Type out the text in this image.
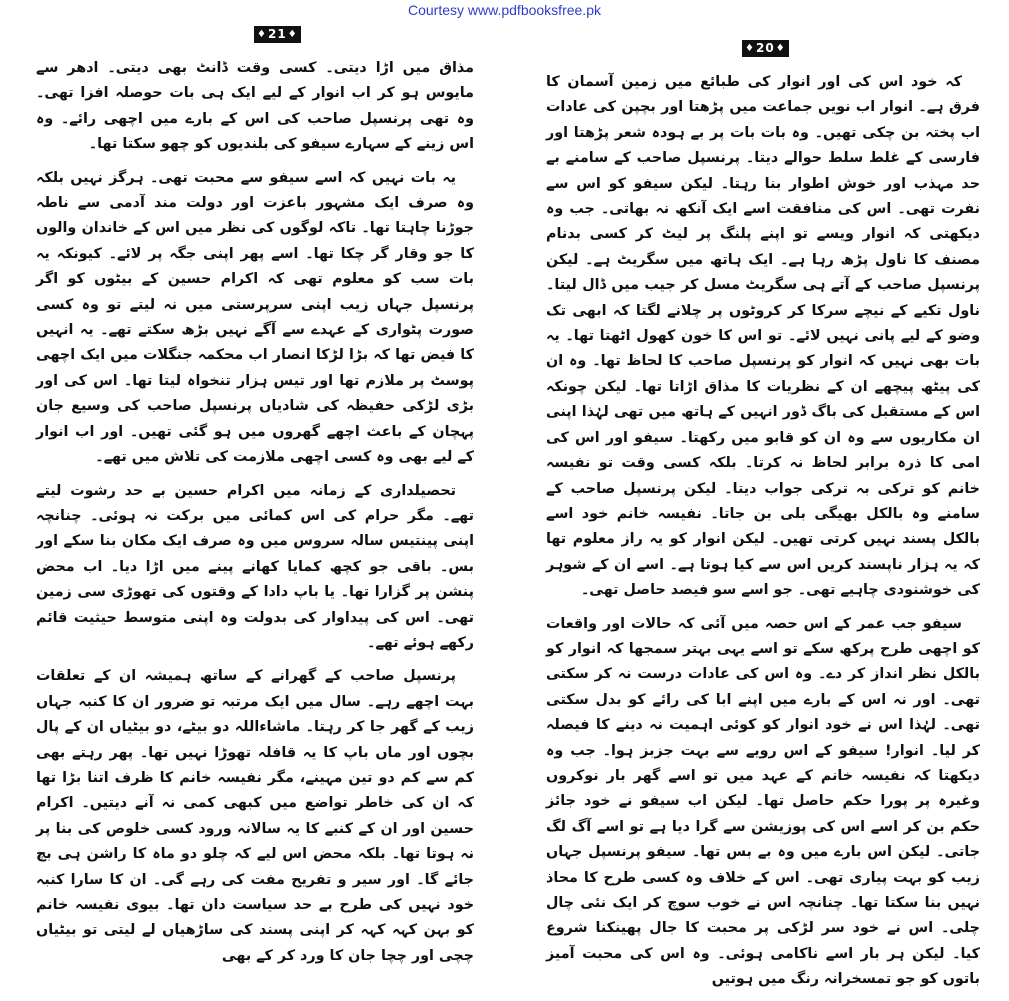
Courtesy www.pdfbooksfree.pk
♦ 21 ♦

مذاق میں اڑا دیتی۔ کسی وقت ڈانٹ بھی دیتی۔ ادھر سے مایوس ہو کر اب انوار کے لیے ایک ہی بات حوصلہ افزا تھی۔ وہ تھی پرنسپل صاحب کی اس کے بارے میں اچھی رائے۔ وہ اس زینے کے سہارے سیفو کی بلندیوں کو چھو سکتا تھا۔

یہ بات نہیں کہ اسے سیفو سے محبت تھی۔ ہرگز نہیں بلکہ وہ صرف ایک مشہور باعزت اور دولت مند آدمی سے ناطہ جوڑنا چاہتا تھا۔ تاکہ لوگوں کی نظر میں اس کے خاندان والوں کا جو وقار گر چکا تھا۔ اسے پھر اپنی جگہ پر لائے۔ کیونکہ یہ بات سب کو معلوم تھی کہ اکرام حسین کے بیٹوں کو اگر پرنسپل جہاں زیب اپنی سرپرستی میں نہ لیتے تو وہ کسی صورت پٹواری کے عہدے سے آگے نہیں بڑھ سکتے تھے۔ یہ انہیں کا فیض تھا کہ بڑا لڑکا انصار اب محکمہ جنگلات میں ایک اچھی پوسٹ پر ملازم تھا اور تیس ہزار تنخواہ لیتا تھا۔ اس کی اور بڑی لڑکی حفیظہ کی شادیاں پرنسپل صاحب کی وسیع جان پہچان کے باعث اچھے گھروں میں ہو گئی تھیں۔ اور اب انوار کے لیے بھی وہ کسی اچھی ملازمت کی تلاش میں تھے۔

تحصیلداری کے زمانہ میں اکرام حسین بے حد رشوت لیتے تھے۔ مگر حرام کی اس کمائی میں برکت نہ ہوئی۔ چنانچہ اپنی پینتیس سالہ سروس میں وہ صرف ایک مکان بنا سکے اور بس۔ باقی جو کچھ کمایا کھانے پینے میں اڑا دیا۔ اب محض پنشن پر گزارا تھا۔ یا باپ دادا کے وقتوں کی تھوڑی سی زمین تھی۔ اس کی پیداوار کی بدولت وہ اپنی متوسط حیثیت قائم رکھے ہوئے تھے۔

پرنسپل صاحب کے گھرانے کے ساتھ ہمیشہ ان کے تعلقات بہت اچھے رہے۔ سال میں ایک مرتبہ تو ضرور ان کا کنبہ جہاں زیب کے گھر جا کر رہتا۔ ماشاءاللہ دو بیٹے، دو بیٹیاں ان کے پال بچوں اور ماں باپ کا یہ قافلہ تھوڑا نہیں تھا۔ پھر رہتے بھی کم سے کم دو تین مہینے، مگر نفیسہ خانم کا ظرف اتنا بڑا تھا کہ ان کی خاطر تواضع میں کبھی کمی نہ آنے دیتیں۔ اکرام حسین اور ان کے کنبے کا یہ سالانہ ورود کسی خلوص کی بنا پر نہ ہوتا تھا۔ بلکہ محض اس لیے کہ چلو دو ماہ کا راشن ہی بچ جائے گا۔ اور سیر و تفریح مفت کی رہے گی۔ ان کا سارا کنبہ خود نہیں کی طرح بے حد سیاست دان تھا۔ بیوی نفیسہ خانم کو بہن کہہ کہہ کر اپنی پسند کی ساڑھیاں لے لیتی تو بیٹیاں چچی اور چچا جان کا ورد کر کے بھی

♦ 20 ♦

کہ خود اس کی اور انوار کی طبائع میں زمین آسمان کا فرق ہے۔ انوار اب نویں جماعت میں پڑھتا اور بچپن کی عادات اب پختہ بن چکی تھیں۔ وہ بات بات پر بے ہودہ شعر پڑھتا اور فارسی کے غلط سلط حوالے دیتا۔ پرنسپل صاحب کے سامنے بے حد مہذب اور خوش اطوار بنا رہتا۔ لیکن سیفو کو اس سے نفرت تھی۔ اس کی منافقت اسے ایک آنکھ نہ بھاتی۔ جب وہ دیکھتی کہ انوار ویسے تو اپنے پلنگ پر لیٹ کر کسی بدنام مصنف کا ناول پڑھ رہا ہے۔ ایک ہاتھ میں سگریٹ ہے۔ لیکن پرنسپل صاحب کے آتے ہی سگریٹ مسل کر جیب میں ڈال لیتا۔ ناول تکیے کے نیچے سرکا کر کروٹوں پر چلانے لگتا کہ ابھی تک وضو کے لیے پانی نہیں لائے۔ تو اس کا خون کھول اٹھتا تھا۔ یہ بات بھی نہیں کہ انوار کو پرنسپل صاحب کا لحاظ تھا۔ وہ ان کی پیٹھ پیچھے ان کے نظریات کا مذاق اڑاتا تھا۔ لیکن چونکہ اس کے مستقبل کی باگ ڈور انہیں کے ہاتھ میں تھی لہٰذا اپنی ان مکاریوں سے وہ ان کو قابو میں رکھتا۔ سیفو اور اس کی امی کا ذرہ برابر لحاظ نہ کرتا۔ بلکہ کسی وقت تو نفیسہ خانم کو ترکی بہ ترکی جواب دیتا۔ لیکن پرنسپل صاحب کے سامنے وہ بالکل بھیگی بلی بن جاتا۔ نفیسہ خانم خود اسے بالکل پسند نہیں کرتی تھیں۔ لیکن انوار کو یہ راز معلوم تھا کہ یہ ہزار ناپسند کریں اس سے کیا ہوتا ہے۔ اسے ان کے شوہر کی خوشنودی چاہیے تھی۔ جو اسے سو فیصد حاصل تھی۔

سیفو جب عمر کے اس حصہ میں آئی کہ حالات اور واقعات کو اچھی طرح پرکھ سکے تو اسے یہی بہتر سمجھا کہ انوار کو بالکل نظر انداز کر دے۔ وہ اس کی عادات درست نہ کر سکتی تھی۔ اور نہ اس کے بارے میں اپنے ابا کی رائے کو بدل سکتی تھی۔ لہٰذا اس نے خود انوار کو کوئی اہمیت نہ دینے کا فیصلہ کر لیا۔ انوار! سیفو کے اس رویے سے بہت جزبز ہوا۔ جب وہ دیکھتا کہ نفیسہ خانم کے عہد میں تو اسے گھر بار نوکروں وغیرہ پر پورا حکم حاصل تھا۔ لیکن اب سیفو نے خود جائز حکم بن کر اسے اس کی پوزیشن سے گرا دیا ہے تو اسے آگ لگ جاتی۔ لیکن اس بارے میں وہ بے بس تھا۔ سیفو پرنسپل جہاں زیب کو بہت پیاری تھی۔ اس کے خلاف وہ کسی طرح کا محاذ نہیں بنا سکتا تھا۔ چنانچہ اس نے خوب سوچ کر ایک نئی چال چلی۔ اس نے خود سر لڑکی پر محبت کا جال پھینکنا شروع کیا۔ لیکن ہر بار اسے ناکامی ہوئی۔ وہ اس کی محبت آمیز باتوں کو جو تمسخرانہ رنگ میں ہوتیں
